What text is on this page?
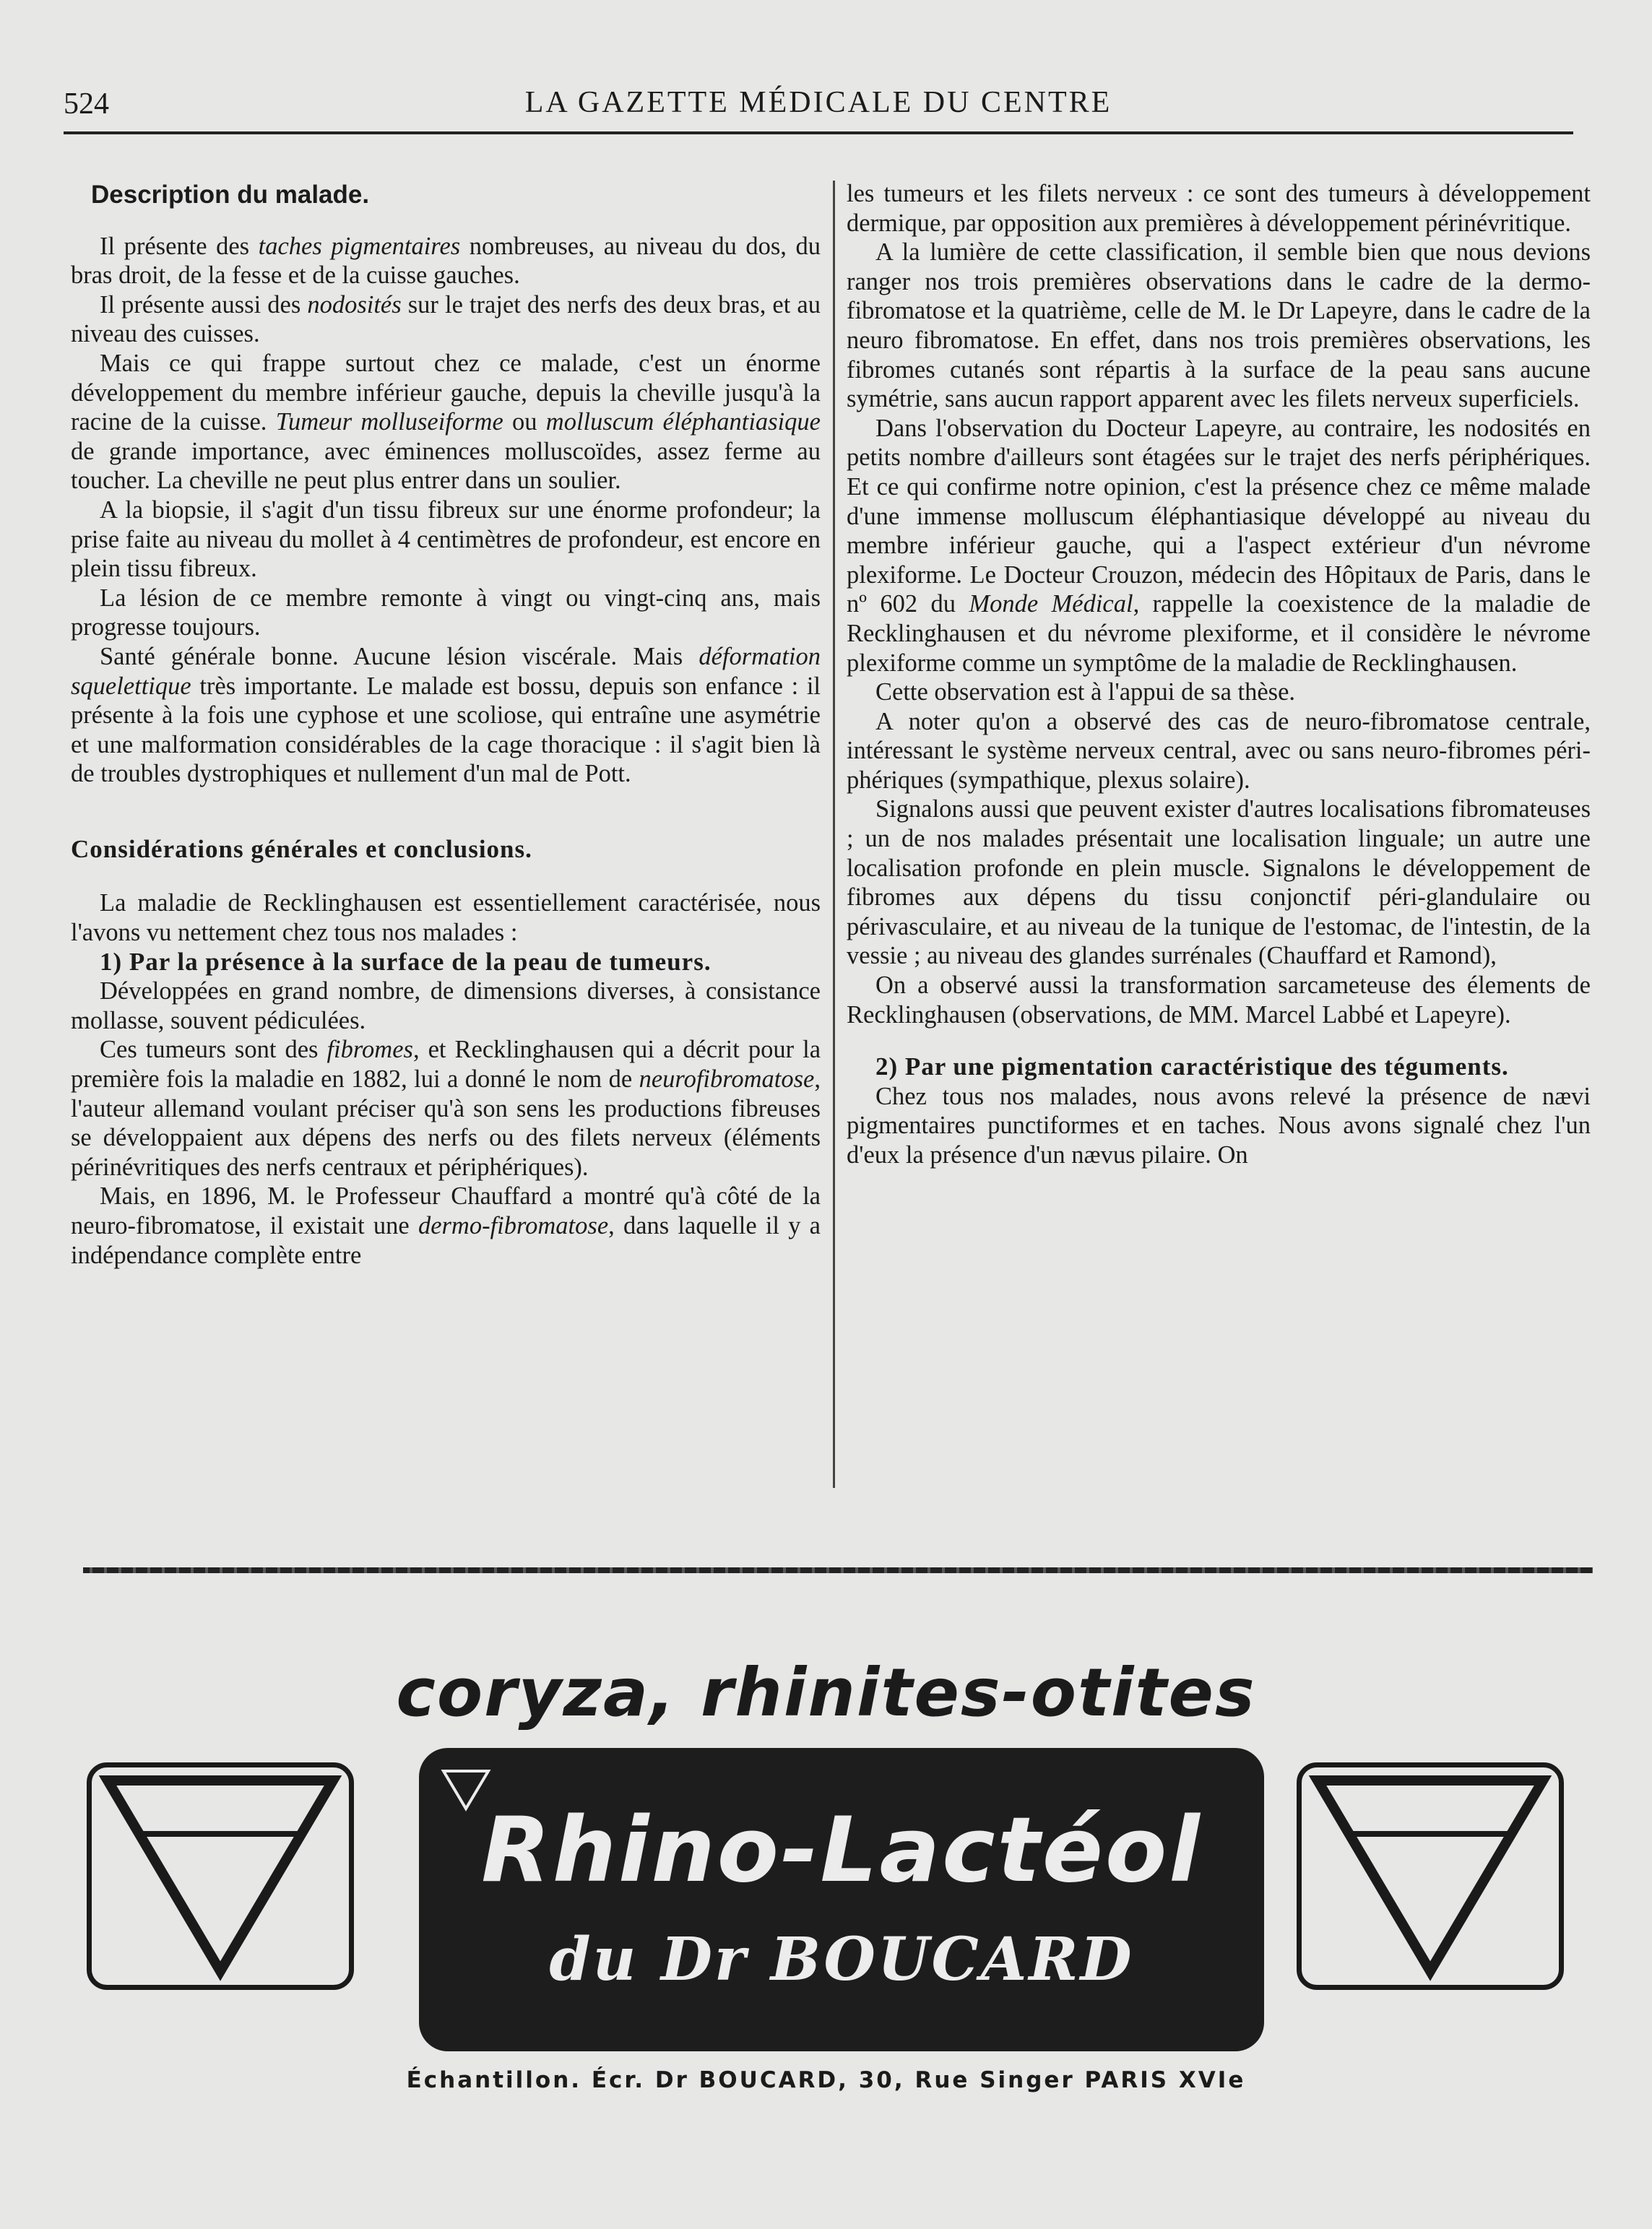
524	LA GAZETTE MÉDICALE DU CENTRE
Description du malade.

Il présente des taches pigmentaires nombreuses, au niveau du dos, du bras droit, de la fesse et de la cuisse gauches.

Il présente aussi des nodosités sur le trajet des nerfs des deux bras, et au niveau des cuisses.

Mais ce qui frappe surtout chez ce malade, c'est un énorme développement du membre inférieur gauche, depuis la cheville jusqu'à la racine de la cuisse. Tumeur molluseiforme ou molluscum éléphantiasique de grande importance, avec éminences molluscoïdes, assez ferme au toucher. La cheville ne peut plus entrer dans un soulier.

A la biopsie, il s'agit d'un tissu fibreux sur une énorme profondeur; la prise faite au niveau du mollet à 4 centimètres de profondeur, est encore en plein tissu fibreux.

La lésion de ce membre remonte à vingt ou vingt-cinq ans, mais progresse toujours.

Santé générale bonne. Aucune lésion viscérale. Mais déformation squelettique très importante. Le malade est bossu, depuis son enfance : il présente à la fois une cyphose et une scoliose, qui entraîne une asymétrie et une malformation considérables de la cage thoracique : il s'agit bien là de troubles dystrophiques et nullement d'un mal de Pott.

Considérations générales et conclusions.

La maladie de Recklinghausen est essentiellement caractérisée, nous l'avons vu nettement chez tous nos malades :

1) Par la présence à la surface de la peau de tumeurs.

Développées en grand nombre, de dimensions diverses, à consistance mollasse, souvent pédiculées.

Ces tumeurs sont des fibromes, et Recklinghausen qui a décrit pour la première fois la maladie en 1882, lui a donné le nom de neurofibromatose, l'auteur allemand voulant préciser qu'à son sens les productions fibreuses se développaient aux dépens des nerfs ou des filets nerveux (éléments périnévritiques des nerfs centraux et périphériques).

Mais, en 1896, M. le Professeur Chauffard a montré qu'à côté de la neuro-fibromatose, il existait une dermo-fibromatose, dans laquelle il y a indépendance complète entre

les tumeurs et les filets nerveux : ce sont des tumeurs à développement dermique, par opposition aux premières à développement périnévritique.

A la lumière de cette classification, il semble bien que nous devions ranger nos trois premières observations dans le cadre de la dermo-fibromatose et la quatrième, celle de M. le Dr Lapeyre, dans le cadre de la neuro fibromatose. En effet, dans nos trois premières observations, les fibromes cutanés sont répartis à la surface de la peau sans aucune symétrie, sans aucun rapport apparent avec les filets nerveux superficiels.

Dans l'observation du Docteur Lapeyre, au contraire, les nodosités en petits nombre d'ailleurs sont étagées sur le trajet des nerfs périphériques. Et ce qui confirme notre opinion, c'est la présence chez ce même malade d'une immense molluscum éléphantiasique développé au niveau du membre inférieur gauche, qui a l'aspect extérieur d'un névrome plexiforme. Le Docteur Crouzon, médecin des Hôpitaux de Paris, dans le nº 602 du Monde Médical, rappelle la coexistence de la maladie de Recklinghausen et du névrome plexiforme, et il considère le névrome plexiforme comme un symptôme de la maladie de Recklinghausen.

Cette observation est à l'appui de sa thèse.

A noter qu'on a observé des cas de neuro-fibromatose centrale, intéressant le système nerveux central, avec ou sans neuro-fibromes péri-phériques (sympathique, plexus solaire).

Signalons aussi que peuvent exister d'autres localisations fibromateuses ; un de nos malades présentait une localisation linguale; un autre une localisation profonde en plein muscle. Signalons le développement de fibromes aux dépens du tissu conjonctif péri-glandulaire ou périvasculaire, et au niveau de la tunique de l'estomac, de l'intestin, de la vessie ; au niveau des glandes surrénales (Chauffard et Ramond),

On a observé aussi la transformation sarcameteuse des élements de Recklinghausen (observations, de MM. Marcel Labbé et Lapeyre).

2) Par une pigmentation caractéristique des téguments.

Chez tous nos malades, nous avons relevé la présence de nævi pigmentaires punctiformes et en taches. Nous avons signalé chez l'un d'eux la présence d'un nævus pilaire. On

coryza, rhinites-otites
Rhino-Lactéol
du Dr BOUCARD
Échantillon. Écr. Dr BOUCARD, 30, Rue Singer PARIS XVIe
